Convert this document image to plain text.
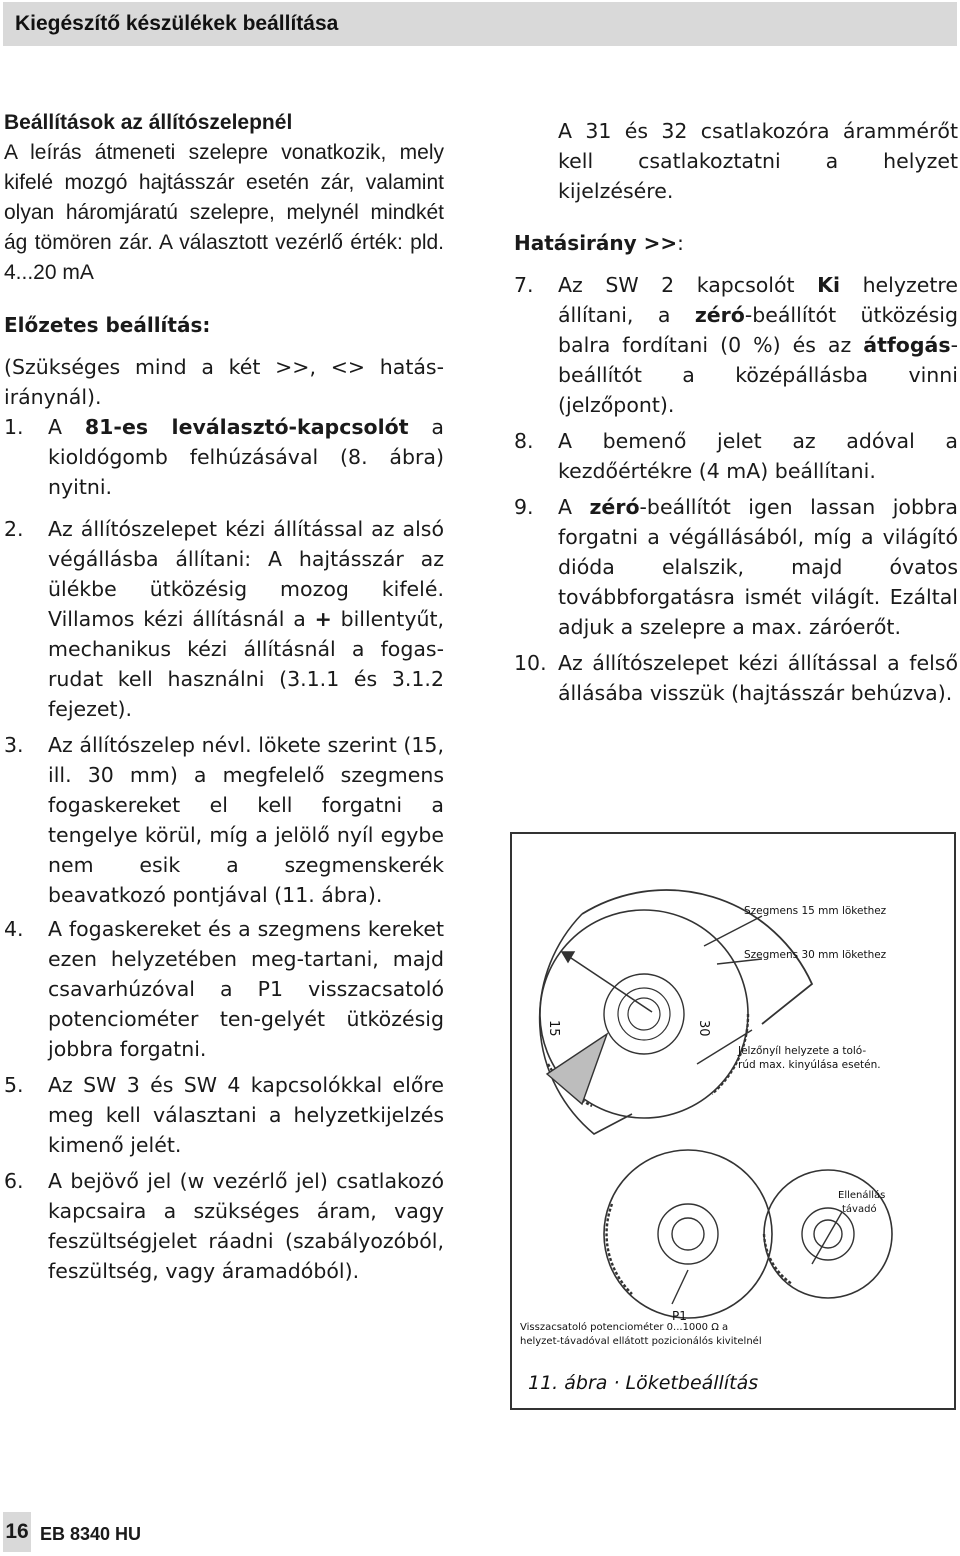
Kiegészítő készülékek beállítása

Beállítások az állítószelepnél

A leírás átmeneti szelepre vonatkozik, mely kifelé mozgó hajtásszár esetén zár, valamint olyan háromjáratú szelepre, melynél mindkét ág tömören zár. A választott vezérlő érték: pld. 4...20 mA

Előzetes beállítás:

(Szükséges mind a két >>, <> hatás-iránynál).

1. A 81-es leválasztó-kapcsolót a kioldógomb felhúzásával (8. ábra) nyitni.

2. Az állítószelepet kézi állítással az alsó végállásba állítani: A hajtásszár az ülékbe ütközésig mozog kifelé. Villamos kézi állításnál a + billentyűt, mechanikus kézi állításnál a fogas-rudat kell használni (3.1.1 és 3.1.2 fejezet).

3. Az állítószelep névl. lökete szerint (15, ill. 30 mm) a megfelelő szegmens fogaskereket el kell forgatni a tengelye körül, míg a jelölő nyíl egybe nem esik a szegmenskerék beavatkozó pontjával (11. ábra).

4. A fogaskereket és a szegmens kereket ezen helyzetében meg-tartani, majd csavarhúzóval a P1 visszacsatoló potenciométer ten-gelyét ütközésig jobbra forgatni.

5. Az SW 3 és SW 4 kapcsolókkal előre meg kell választani a helyzetkijelzés kimenő jelét.

6. A bejövő jel (w vezérlő jel) csatlakozó kapcsaira a szükséges áram, vagy feszültségjelet ráadni (szabályozóból, feszültség, vagy áramadóból).

A 31 és 32 csatlakozóra árammérőt kell csatlakoztatni a helyzet kijelzésére.

Hatásirány >>:

7. Az SW 2 kapcsolót Ki helyzetre állítani, a zéró-beállítót ütközésig balra fordítani (0 %) és az átfogás-beállítót a középállásba vinni (jelzőpont).

8. A bemenő jelet az adóval a kezdőértékre (4 mA) beállítani.

9. A zéró-beállítót igen lassan jobbra forgatni a végállásából, míg a világító dióda elalszik, majd óvatos továbbforgatásra ismét világít. Ezáltal adjuk a szelepre a max. záróerőt.

10. Az állítószelepet kézi állítással a felső állásába visszük (hajtásszár behúzva).

Szegmens 15 mm lökethez
Szegmens 30 mm lökethez
Jelzőnyíl helyzete a toló-
rúd max. kinyúlása esetén.
15	30
P1
Ellenállás
távadó
Visszacsatoló potenciométer 0...1000 Ω a
helyzet-távadóval ellátott pozicionálós kivitelnél
11. ábra · Löketbeállítás
16 EB 8340 HU
